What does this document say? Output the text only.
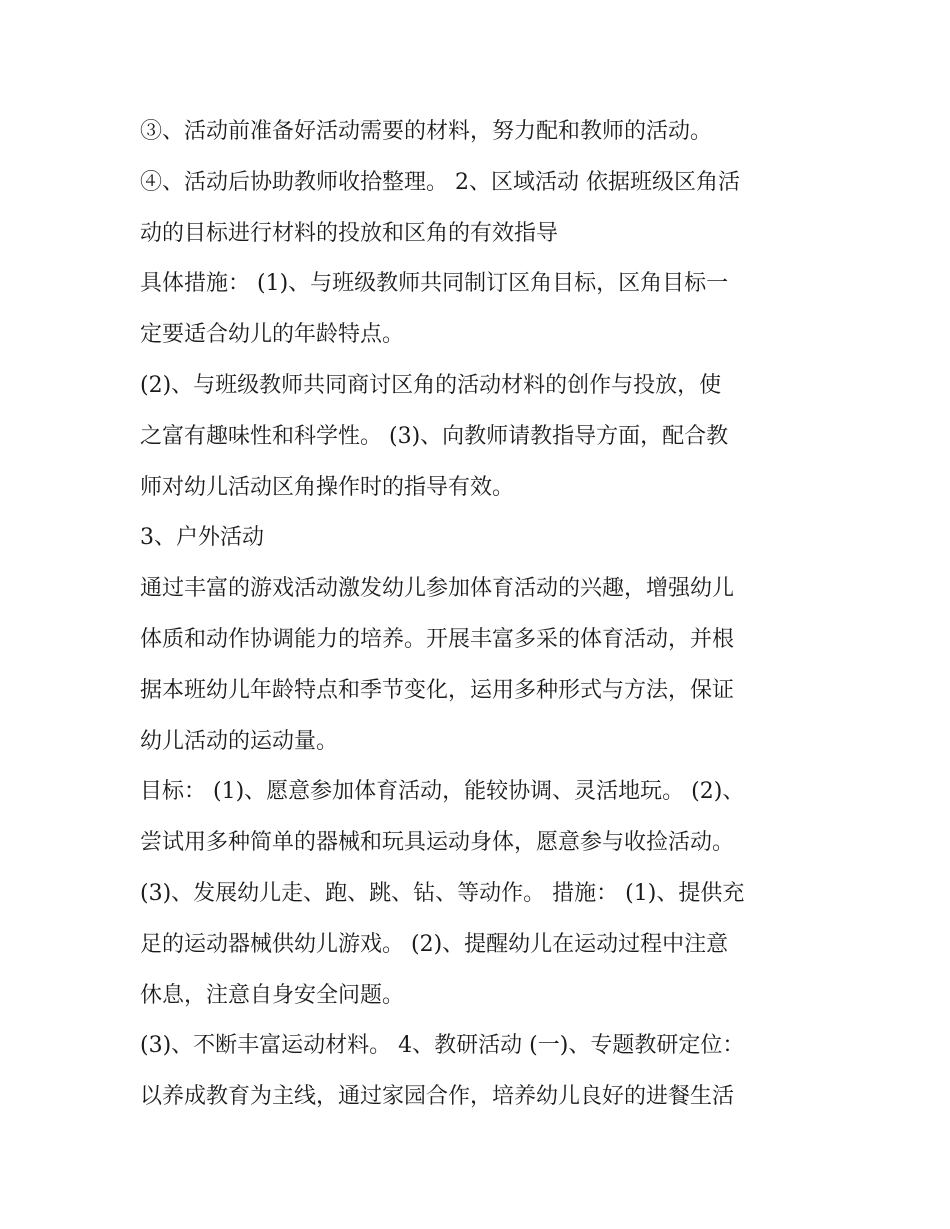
③、活动前准备好活动需要的材料，努力配和教师的活动。
④、活动后协助教师收拾整理。 2、区域活动 依据班级区角活
动的目标进行材料的投放和区角的有效指导
具体措施： (1)、与班级教师共同制订区角目标，区角目标一
定要适合幼儿的年龄特点。
(2)、与班级教师共同商讨区角的活动材料的创作与投放，使
之富有趣味性和科学性。 (3)、向教师请教指导方面，配合教
师对幼儿活动区角操作时的指导有效。
3、户外活动
通过丰富的游戏活动激发幼儿参加体育活动的兴趣，增强幼儿
体质和动作协调能力的培养。开展丰富多采的体育活动，并根
据本班幼儿年龄特点和季节变化，运用多种形式与方法，保证
幼儿活动的运动量。
目标： (1)、愿意参加体育活动，能较协调、灵活地玩。 (2)、
尝试用多种简单的器械和玩具运动身体，愿意参与收捡活动。
(3)、发展幼儿走、跑、跳、钻、等动作。 措施： (1)、提供充
足的运动器械供幼儿游戏。 (2)、提醒幼儿在运动过程中注意
休息，注意自身安全问题。
(3)、不断丰富运动材料。 4、教研活动 (一)、专题教研定位：
以养成教育为主线，通过家园合作，培养幼儿良好的进餐生活
